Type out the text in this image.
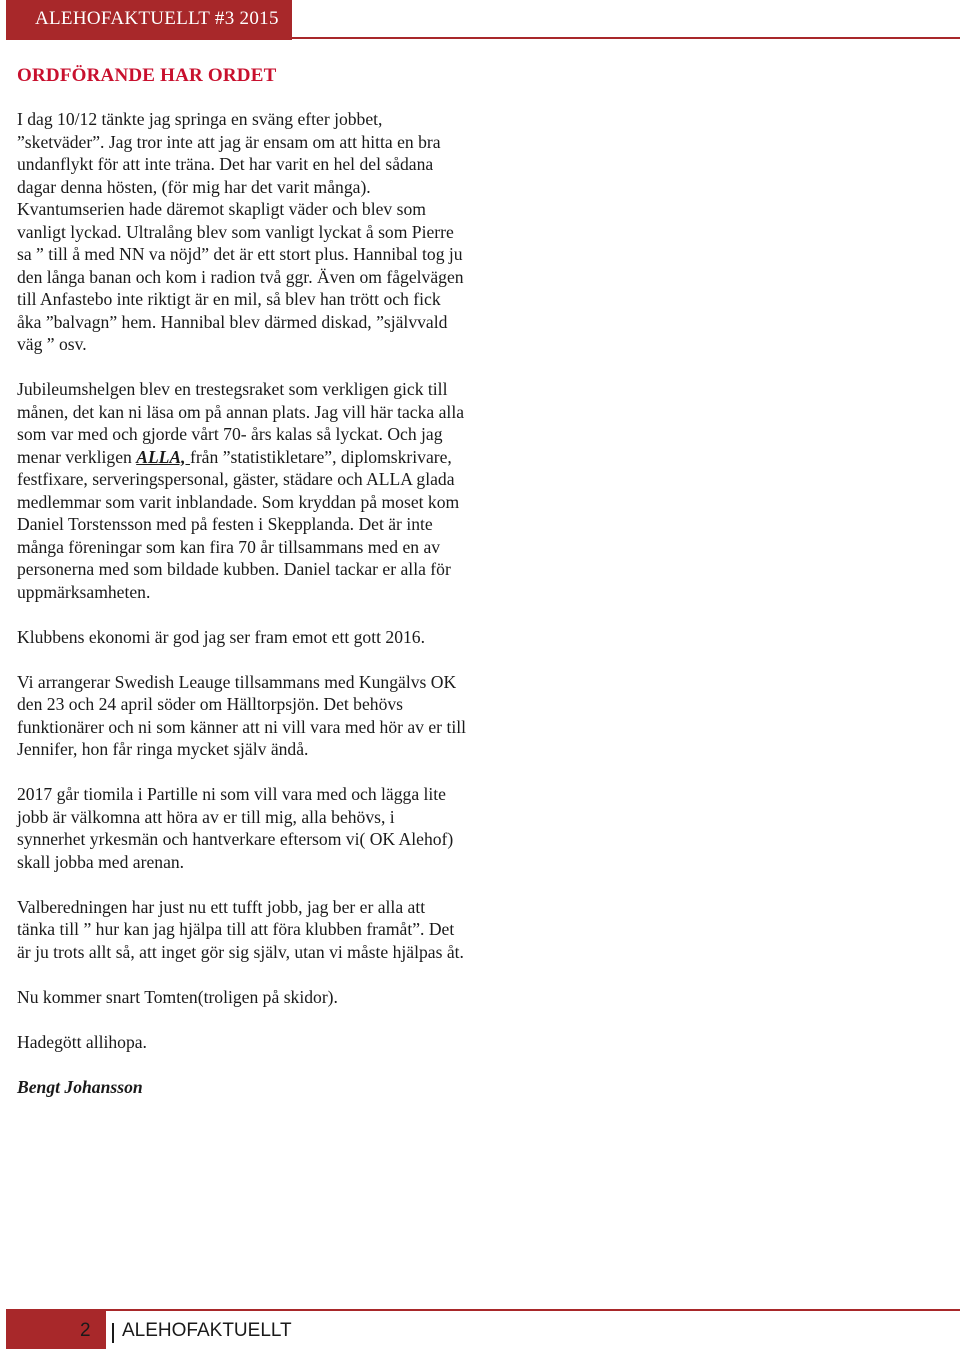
ALEHOFAKTUELLT #3 2015
ORDFÖRANDE HAR ORDET

I dag 10/12 tänkte jag springa en sväng efter jobbet, ”sketväder”. Jag tror inte att jag är ensam om att hitta en bra undanflykt för att inte träna. Det har varit en hel del sådana dagar denna hösten, (för mig har det varit många). Kvantumserien hade däremot skapligt väder och blev som vanligt lyckad. Ultralång blev som vanligt lyckat å som Pierre sa ” till å med NN va nöjd” det är ett stort plus. Hannibal tog ju den långa banan och kom i radion två ggr. Även om fågelvägen till Anfastebo inte riktigt är en mil, så blev han trött och fick åka ”balvagn” hem. Hannibal blev därmed diskad, ”självvald väg ” osv.

Jubileumshelgen blev en trestegsraket som verkligen gick till månen, det kan ni läsa om på annan plats. Jag vill här tacka alla som var med och gjorde vårt 70- års kalas så lyckat. Och jag menar verkligen ALLA, från ”statistikletare”, diplomskrivare, festfixare, serveringspersonal, gäster, städare och ALLA glada medlemmar som varit inblandade. Som kryddan på moset kom Daniel Torstensson med på festen i Skepplanda. Det är inte många föreningar som kan fira 70 år tillsammans med en av personerna med som bildade kubben. Daniel tackar er alla för uppmärksamheten.

Klubbens ekonomi är god jag ser fram emot ett gott 2016.

Vi arrangerar Swedish Leauge tillsammans med Kungälvs OK den 23 och 24 april söder om Hälltorpsjön. Det behövs funktionärer och ni som känner att ni vill vara med hör av er till Jennifer, hon får ringa mycket själv ändå.

2017 går tiomila i Partille ni som vill vara med och lägga lite jobb är välkomna att höra av er till mig, alla behövs, i synnerhet yrkesmän och hantverkare eftersom vi( OK Alehof) skall jobba med arenan.

Valberedningen har just nu ett tufft jobb, jag ber er alla att tänka till ” hur kan jag hjälpa till att föra klubben framåt”. Det är ju trots allt så, att inget gör sig själv, utan vi måste hjälpas åt.

Nu kommer snart Tomten(troligen på skidor).

Hadegött allihopa.

Bengt Johansson

2 ALEHOFAKTUELLT
